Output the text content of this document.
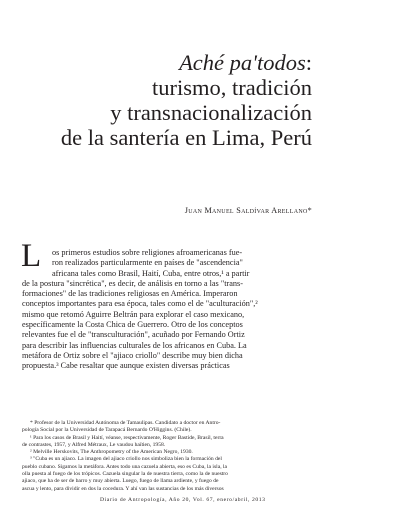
Aché pa'todos:
turismo, tradición
y transnacionalización
de la santería en Lima, Perú
Juan Manuel Saldívar Arellano*
L	os primeros estudios sobre religiones afroamericanas fue-
ron realizados particularmente en países de "ascendencia"
africana tales como Brasil, Haití, Cuba, entre otros,¹ a partir
de la postura "sincrética", es decir, de análisis en torno a las "trans-
formaciones" de las tradiciones religiosas en América. Imperaron
conceptos importantes para esa época, tales como el de "aculturación",²
mismo que retomó Aguirre Beltrán para explorar el caso mexicano,
específicamente la Costa Chica de Guerrero. Otro de los conceptos
relevantes fue el de "transculturación", acuñado por Fernando Ortiz
para describir las influencias culturales de los africanos en Cuba. La
metáfora de Ortiz sobre el "ajiaco criollo" describe muy bien dicha
propuesta.³ Cabe resaltar que aunque existen diversas prácticas
* Profesor de la Universidad Autónoma de Tamaulipas. Candidato a doctor en Antro-
pología Social por la Universidad de Tarapacá Bernardo O'Higgins. (Chile).
¹ Para los casos de Brasil y Haití, véanse, respectivamente, Roger Bastide, Brasil, terra
de contrastes, 1957, y Alfred Métraux, Le vaudou haïtien, 1958.
² Melville Herskovits, The Anthropometry of the American Negro, 1930.
³ "Cuba es un ajiaco. La imagen del ajiaco criollo nos simboliza bien la formación del
pueblo cubano. Sigamos la metáfora. Antes todo una cazuela abierta, eso es Cuba, la isla, la
olla puesta al fuego de los trópicos. Cazuela singular la de nuestra tierra, como la de nuestro
ajiaco, que ha de ser de barro y muy abierta. Luego, fuego de llama ardiente, y fuego de
ascua y lento, para dividir en dos la cocedura. Y ahí van las sustancias de los más diversos
Diario de Antropología, Año 20, Vol. 67, enero/abril, 2013
